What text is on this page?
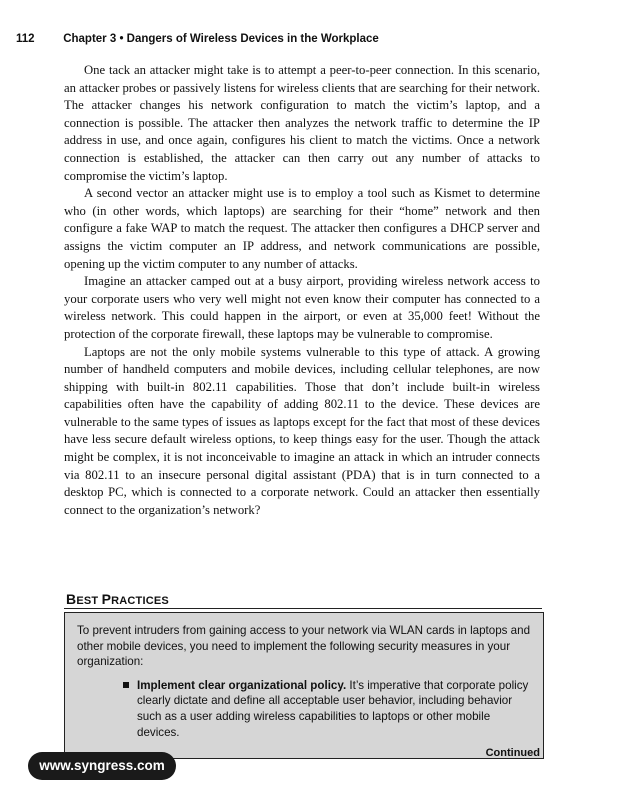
112 Chapter 3 • Dangers of Wireless Devices in the Workplace

One tack an attacker might take is to attempt a peer-to-peer connection. In this scenario, an attacker probes or passively listens for wireless clients that are searching for their network. The attacker changes his network configuration to match the victim’s laptop, and a connection is possible. The attacker then analyzes the network traffic to determine the IP address in use, and once again, configures his client to match the victims. Once a network connection is established, the attacker can then carry out any number of attacks to compromise the victim’s laptop.

A second vector an attacker might use is to employ a tool such as Kismet to determine who (in other words, which laptops) are searching for their “home” network and then configure a fake WAP to match the request. The attacker then configures a DHCP server and assigns the victim computer an IP address, and network communications are possible, opening up the victim computer to any number of attacks.

Imagine an attacker camped out at a busy airport, providing wireless network access to your corporate users who very well might not even know their computer has connected to a wireless network. This could happen in the airport, or even at 35,000 feet! Without the protection of the corporate firewall, these laptops may be vulnerable to compromise.

Laptops are not the only mobile systems vulnerable to this type of attack. A growing number of handheld computers and mobile devices, including cellular telephones, are now shipping with built-in 802.11 capabilities. Those that don’t include built-in wireless capabilities often have the capability of adding 802.11 to the device. These devices are vulnerable to the same types of issues as laptops except for the fact that most of these devices have less secure default wireless options, to keep things easy for the user. Though the attack might be complex, it is not inconceivable to imagine an attack in which an intruder connects via 802.11 to an insecure personal digital assistant (PDA) that is in turn connected to a desktop PC, which is connected to a corporate network. Could an attacker then essentially connect to the organization’s network?

BEST PRACTICES

To prevent intruders from gaining access to your network via WLAN cards in laptops and other mobile devices, you need to implement the following security measures in your organization:

Implement clear organizational policy. It’s imperative that corporate policy clearly dictate and define all acceptable user behavior, including behavior such as a user adding wireless capabilities to laptops or other mobile devices.
Continued
www.syngress.com
